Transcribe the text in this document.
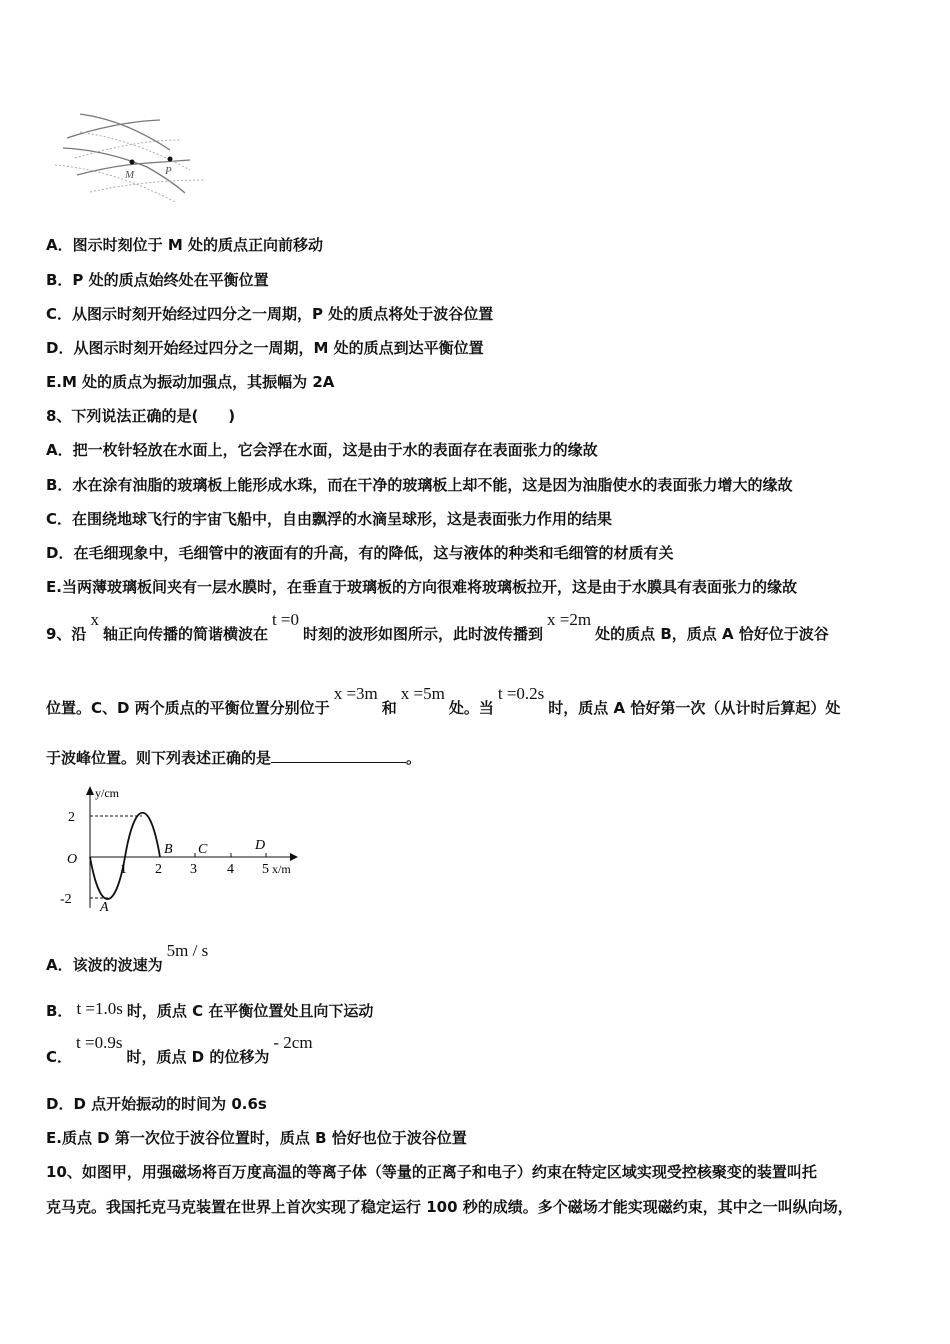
M	P
A．图示时刻位于 M 处的质点正向前移动
B．P 处的质点始终处在平衡位置
C．从图示时刻开始经过四分之一周期，P 处的质点将处于波谷位置
D．从图示时刻开始经过四分之一周期，M 处的质点到达平衡位置
E.M 处的质点为振动加强点，其振幅为 2A
8、下列说法正确的是(　　)
A．把一枚针轻放在水面上，它会浮在水面，这是由于水的表面存在表面张力的缘故
B．水在涂有油脂的玻璃板上能形成水珠，而在干净的玻璃板上却不能，这是因为油脂使水的表面张力增大的缘故
C．在围绕地球飞行的宇宙飞船中，自由飘浮的水滴呈球形，这是表面张力作用的结果
D．在毛细现象中，毛细管中的液面有的升高，有的降低，这与液体的种类和毛细管的材质有关
E.当两薄玻璃板间夹有一层水膜时，在垂直于玻璃板的方向很难将玻璃板拉开，这是由于水膜具有表面张力的缘故
9、沿x轴正向传播的简谐横波在t =0时刻的波形如图所示，此时波传播到x =2m处的质点 B，质点 A 恰好位于波谷
位置。C、D 两个质点的平衡位置分别位于x =3m和x =5m处。当t =0.2s时，质点 A 恰好第一次（从计时后算起）处
于波峰位置。则下列表述正确的是	。
y/cm
x/m
2
-2
O
1 2 3 4 5
A
B C	D
A．该波的波速为5m / s
B． t =1.0s 时，质点 C 在平衡位置处且向下运动
C．t =0.9s时，质点 D 的位移为- 2cm
D．D 点开始振动的时间为 0.6s
E.质点 D 第一次位于波谷位置时，质点 B 恰好也位于波谷位置
10、如图甲，用强磁场将百万度高温的等离子体（等量的正离子和电子）约束在特定区域实现受控核聚变的装置叫托
克马克。我国托克马克装置在世界上首次实现了稳定运行 100 秒的成绩。多个磁场才能实现磁约束，其中之一叫纵向场，
